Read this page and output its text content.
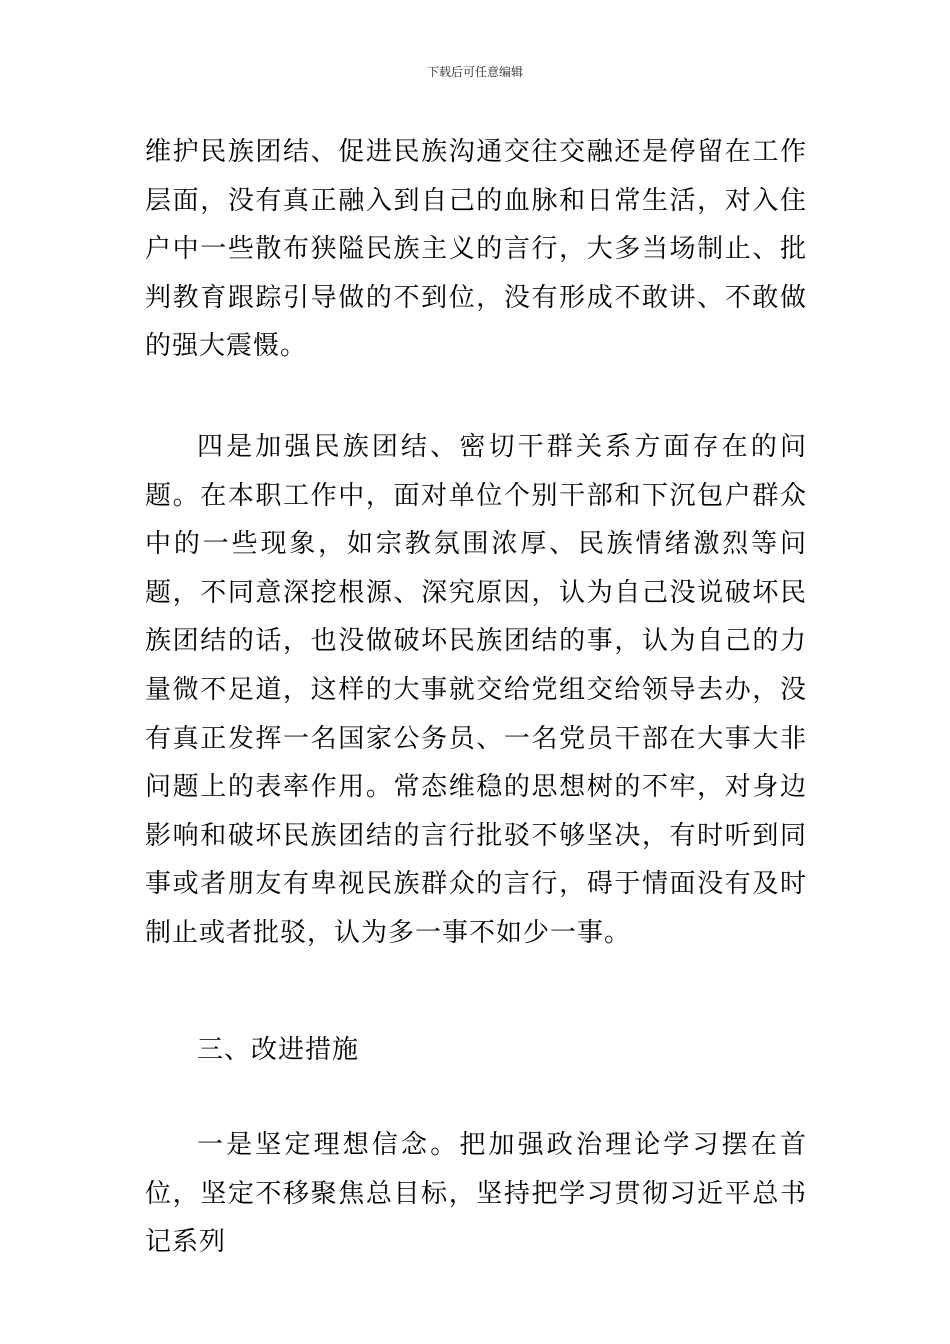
下载后可任意编辑

维护民族团结、促进民族沟通交往交融还是停留在工作层面，没有真正融入到自己的血脉和日常生活，对入住户中一些散布狭隘民族主义的言行，大多当场制止、批判教育跟踪引导做的不到位，没有形成不敢讲、不敢做的强大震慑。

四是加强民族团结、密切干群关系方面存在的问题。在本职工作中，面对单位个别干部和下沉包户群众中的一些现象，如宗教氛围浓厚、民族情绪激烈等问题，不同意深挖根源、深究原因，认为自己没说破坏民族团结的话，也没做破坏民族团结的事，认为自己的力量微不足道，这样的大事就交给党组交给领导去办，没有真正发挥一名国家公务员、一名党员干部在大事大非问题上的表率作用。常态维稳的思想树的不牢，对身边影响和破坏民族团结的言行批驳不够坚决，有时听到同事或者朋友有卑视民族群众的言行，碍于情面没有及时制止或者批驳，认为多一事不如少一事。

三、改进措施

一是坚定理想信念。把加强政治理论学习摆在首位，坚定不移聚焦总目标，坚持把学习贯彻习近平总书记系列
